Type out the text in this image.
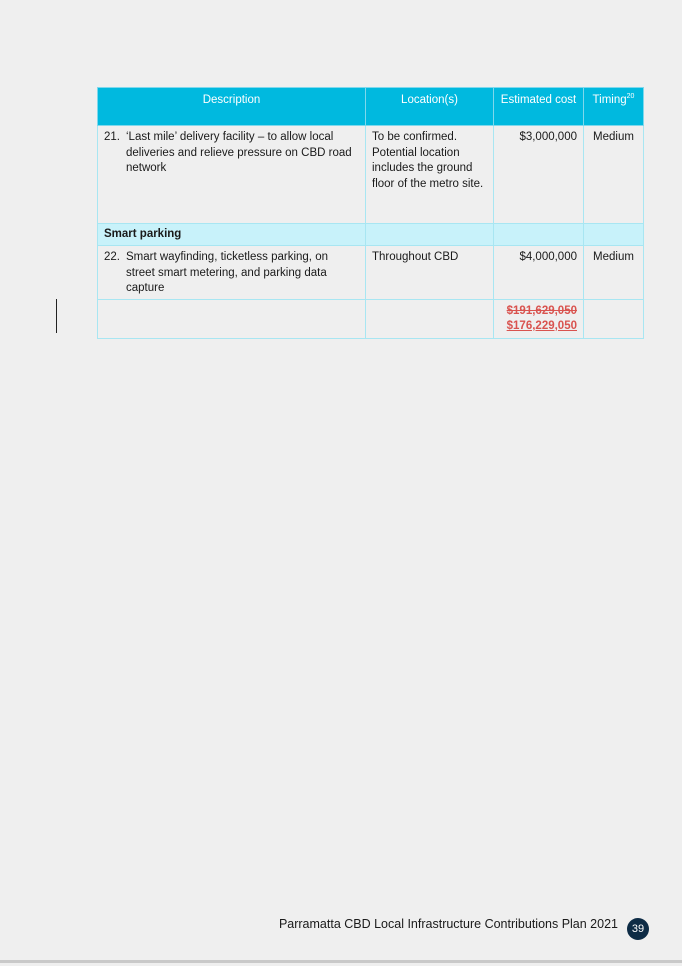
Description	Location(s)	Estimated cost	Timing$^{20}$

21. ‘Last mile’ delivery facility – to allow local deliveries and relieve pressure on CBD road network	To be confirmed. Potential location includes the ground floor of the metro site.	$3,000,000	Medium
Smart parking			

22. Smart wayfinding, ticketless parking, on street smart metering, and parking data capture	Throughout CBD	$4,000,000	Medium

		$191,629,050
$176,229,050	

Parramatta CBD Local Infrastructure Contributions Plan 2021	39
